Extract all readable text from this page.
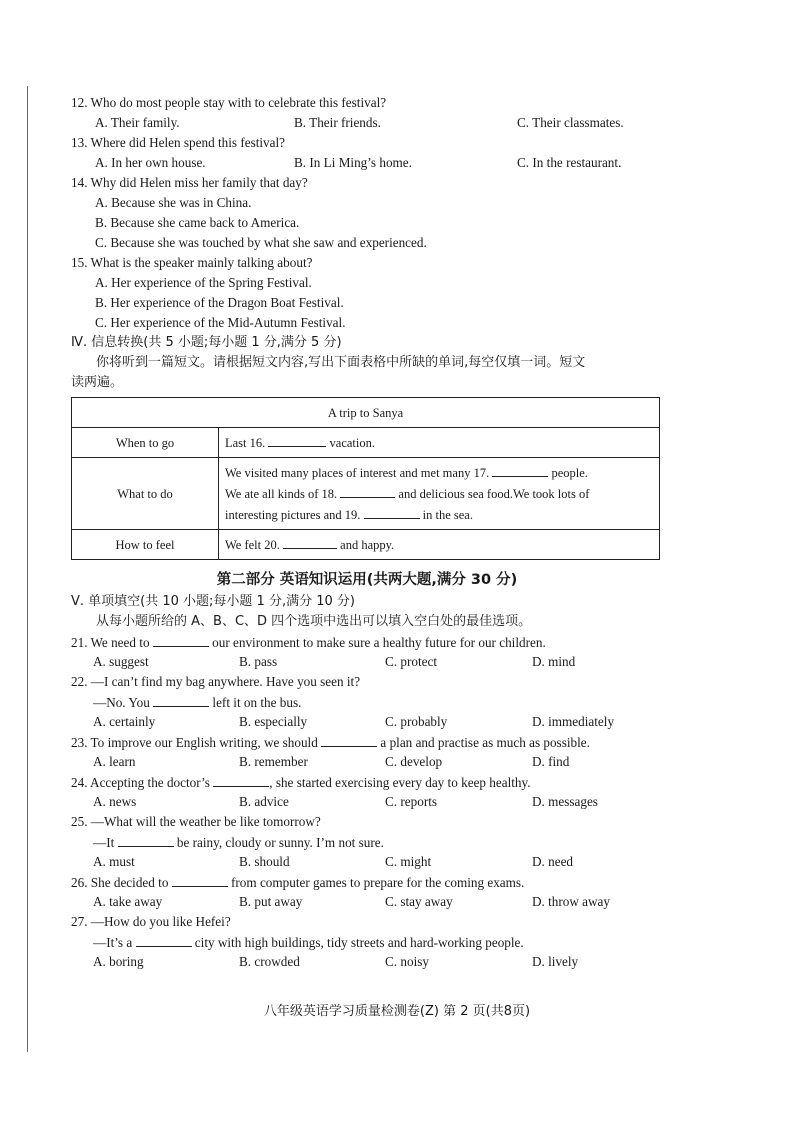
12. Who do most people stay with to celebrate this festival?
A. Their family.	B. Their friends.	C. Their classmates.
13. Where did Helen spend this festival?
A. In her own house.	B. In Li Ming’s home.	C. In the restaurant.
14. Why did Helen miss her family that day?
A. Because she was in China.
B. Because she came back to America.
C. Because she was touched by what she saw and experienced.
15. What is the speaker mainly talking about?
A. Her experience of the Spring Festival.
B. Her experience of the Dragon Boat Festival.
C. Her experience of the Mid-Autumn Festival.
Ⅳ. 信息转换(共 5 小题;每小题 1 分,满分 5 分)
你将听到一篇短文。请根据短文内容,写出下面表格中所缺的单词,每空仅填一词。短文
读两遍。
A trip to Sanya	
When to go	Last 16. vacation.
What to do	We visited many places of interest and met many 17. people.
We ate all kinds of 18. and delicious sea food.We took lots of
interesting pictures and 19. in the sea.

How to feel	We felt 20. and happy.
第二部分 英语知识运用(共两大题,满分 30 分)
Ⅴ. 单项填空(共 10 小题;每小题 1 分,满分 10 分)
从每小题所给的 A、B、C、D 四个选项中选出可以填入空白处的最佳选项。
21. We need to	our environment to make sure a healthy future for our children.
A. suggest	B. pass	C. protect	D. mind
22. —I can’t find my bag anywhere. Have you seen it?
—No. You	left it on the bus.
A. certainly	B. especially	C. probably	D. immediately
23. To improve our English writing, we should	a plan and practise as much as possible.
A. learn	B. remember	C. develop	D. find
24. Accepting the doctor’s	, she started exercising every day to keep healthy.
A. news	B. advice	C. reports	D. messages
25. —What will the weather be like tomorrow?
—It	be rainy, cloudy or sunny. I’m not sure.
A. must	B. should	C. might	D. need
26. She decided to	from computer games to prepare for the coming exams.
A. take away	B. put away	C. stay away	D. throw away
27. —How do you like Hefei?
—It’s a	city with high buildings, tidy streets and hard-working people.
A. boring	B. crowded	C. noisy	D. lively
八年级英语学习质量检测卷(Z) 第 2 页(共8页)
